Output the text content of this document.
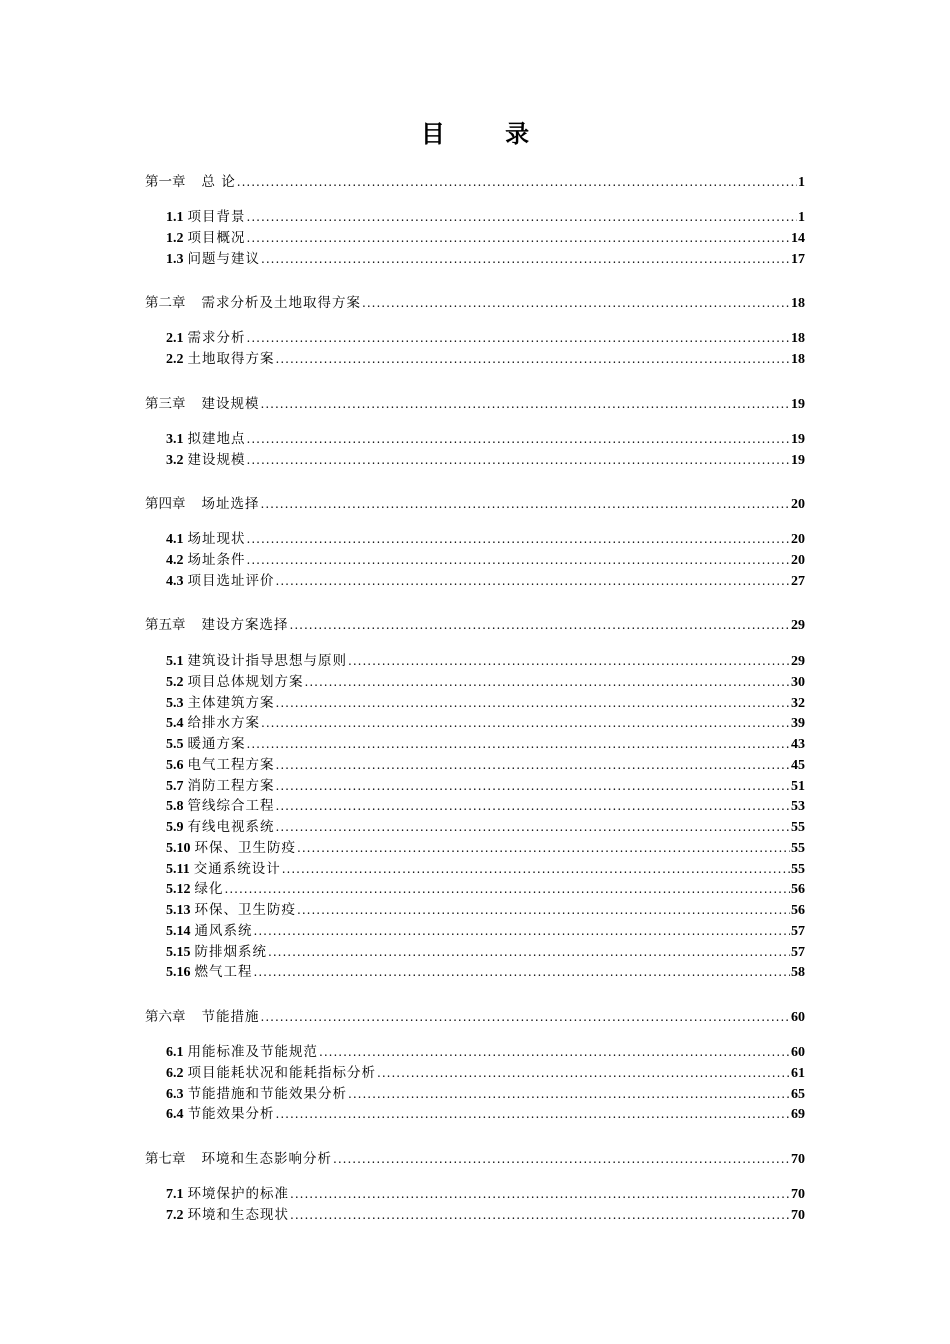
目 录
第一章 总 论 .....	1
1.1 项目背景 .....	1
1.2 项目概况 .....	14
1.3 问题与建议 .....	17
第二章 需求分析及土地取得方案 .....	18
2.1 需求分析 .....	18
2.2 土地取得方案 .....	18
第三章 建设规模 .....	19
3.1 拟建地点 .....	19
3.2 建设规模 .....	19
第四章 场址选择 .....	20
4.1 场址现状 .....	20
4.2 场址条件 .....	20
4.3 项目选址评价 .....	27
第五章 建设方案选择 .....	29
5.1 建筑设计指导思想与原则 .....	29
5.2 项目总体规划方案 .....	30
5.3 主体建筑方案 .....	32
5.4 给排水方案 .....	39
5.5 暖通方案 .....	43
5.6 电气工程方案 .....	45
5.7 消防工程方案 .....	51
5.8 管线综合工程 .....	53
5.9 有线电视系统 .....	55
5.10 环保、卫生防疫 .....	55
5.11 交通系统设计 .....	55
5.12 绿化 .....	56
5.13 环保、卫生防疫 .....	56
5.14 通风系统 .....	57
5.15 防排烟系统 .....	57
5.16 燃气工程 .....	58
第六章 节能措施 .....	60
6.1 用能标准及节能规范 .....	60
6.2 项目能耗状况和能耗指标分析 .....	61
6.3 节能措施和节能效果分析 .....	65
6.4 节能效果分析 .....	69
第七章 环境和生态影响分析 .....	70
7.1 环境保护的标准 .....	70
7.2 环境和生态现状 .....	70
